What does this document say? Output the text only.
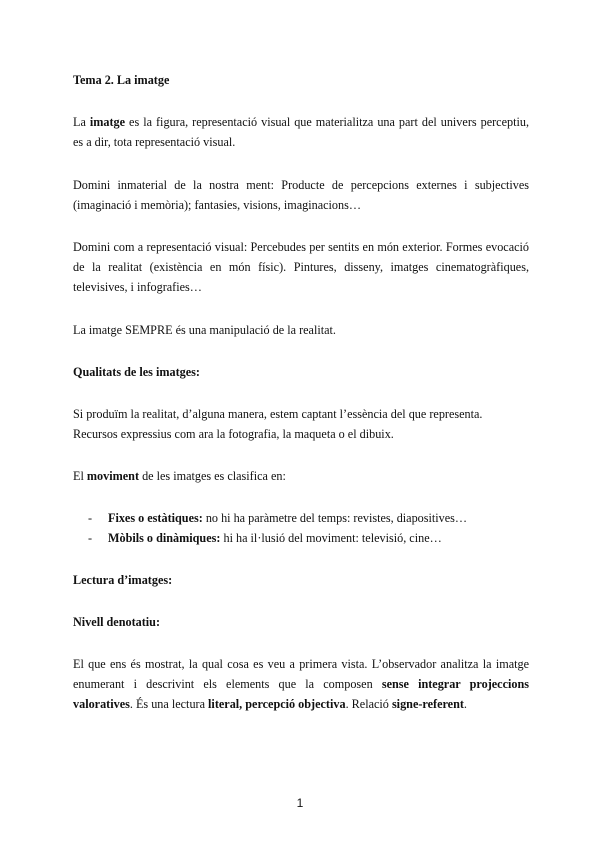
Tema 2. La imatge

La imatge es la figura, representació visual que materialitza una part del univers perceptiu, es a dir, tota representació visual.

Domini inmaterial de la nostra ment: Producte de percepcions externes i subjectives (imaginació i memòria); fantasies, visions, imaginacions…

Domini com a representació visual: Percebudes per sentits en món exterior. Formes evocació de la realitat (existència en món físic). Pintures, disseny, imatges cinematogràfiques, televisives, i infografies…

La imatge SEMPRE és una manipulació de la realitat.

Qualitats de les imatges:

Si produïm la realitat, d’alguna manera, estem captant l’essència del que representa. Recursos expressius com ara la fotografia, la maqueta o el dibuix.

El moviment de les imatges es clasifica en:

- Fixes o estàtiques: no hi ha paràmetre del temps: revistes, diapositives…
- Mòbils o dinàmiques: hi ha il·lusió del moviment: televisió, cine…

Lectura d’imatges:

Nivell denotatiu:

El que ens és mostrat, la qual cosa es veu a primera vista. L’observador analitza la imatge enumerant i descrivint els elements que la composen sense integrar projeccions valoratives. És una lectura literal, percepció objectiva. Relació signe-referent.

1
